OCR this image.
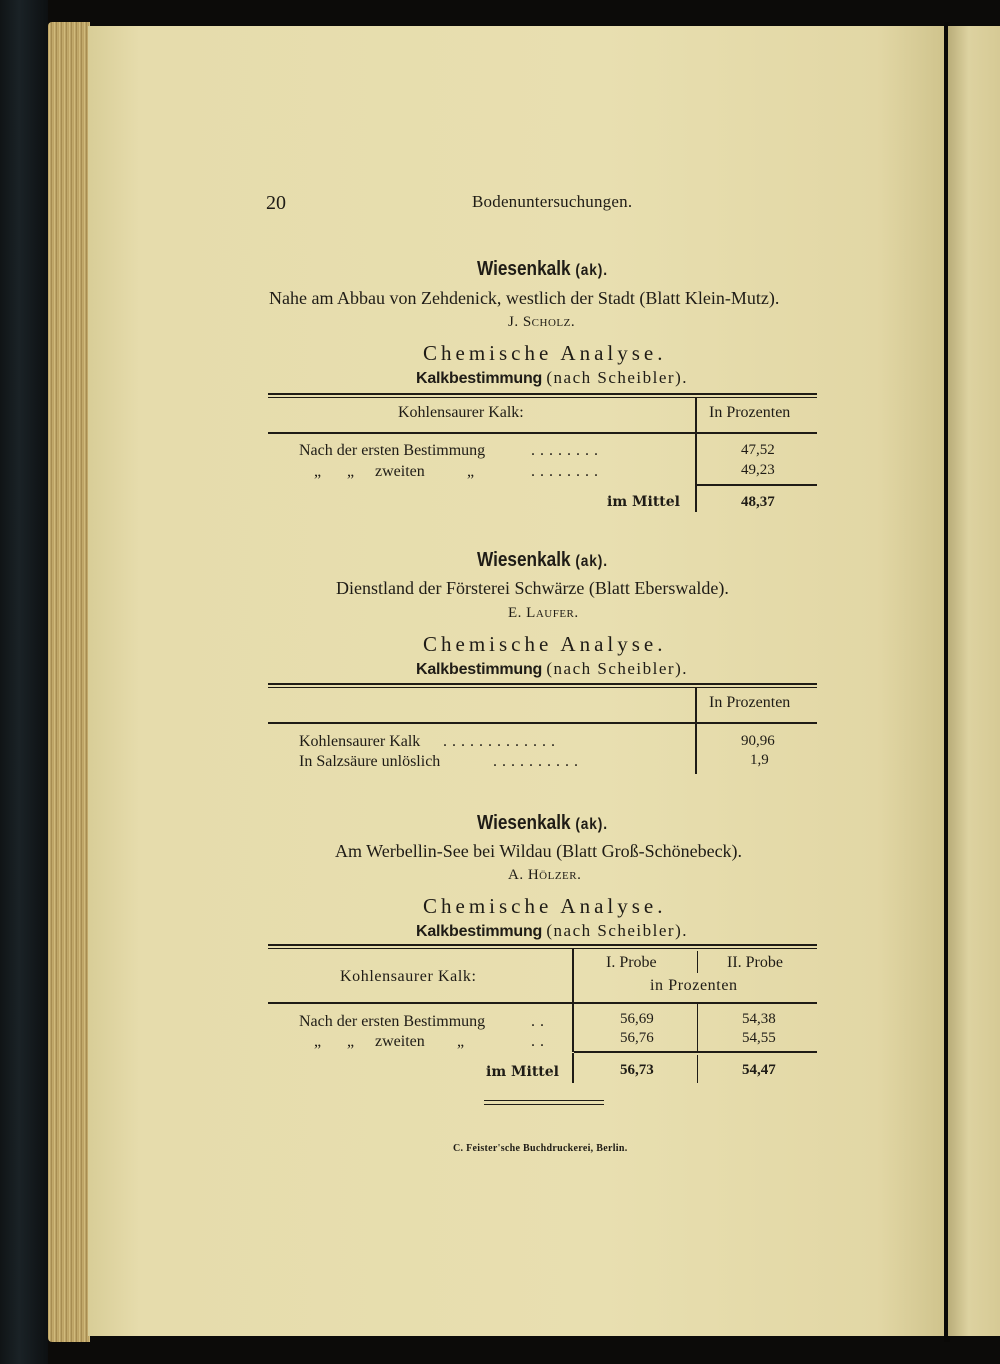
20	Bodenuntersuchungen.
Wiesenkalk (ak).
Nahe am Abbau von Zehdenick, westlich der Stadt (Blatt Klein-Mutz).
J. Scholz.
Chemische Analyse.
Kalkbestimmung (nach Scheibler).
Kohlensaurer Kalk:	In Prozenten
Nach der ersten Bestimmung	........	47,52
„ „ zweiten	„	........	49,23
im Mittel	48,37
Wiesenkalk (ak).
Dienstland der Försterei Schwärze (Blatt Eberswalde).
E. Laufer.
Chemische Analyse.
Kalkbestimmung (nach Scheibler).
In Prozenten
Kohlensaurer Kalk .............	90,96
In Salzsäure unlöslich	..........	1,9
Wiesenkalk (ak).
Am Werbellin-See bei Wildau (Blatt Groß-Schönebeck).
A. Hölzer.
Chemische Analyse.
Kalkbestimmung (nach Scheibler).
Kohlensaurer Kalk:
I. Probe	II. Probe
in Prozenten
Nach der ersten Bestimmung	..	56,69	54,38
„ „ zweiten „	..	56,76	54,55
im Mittel	56,73	54,47
C. Feister'sche Buchdruckerei, Berlin.
